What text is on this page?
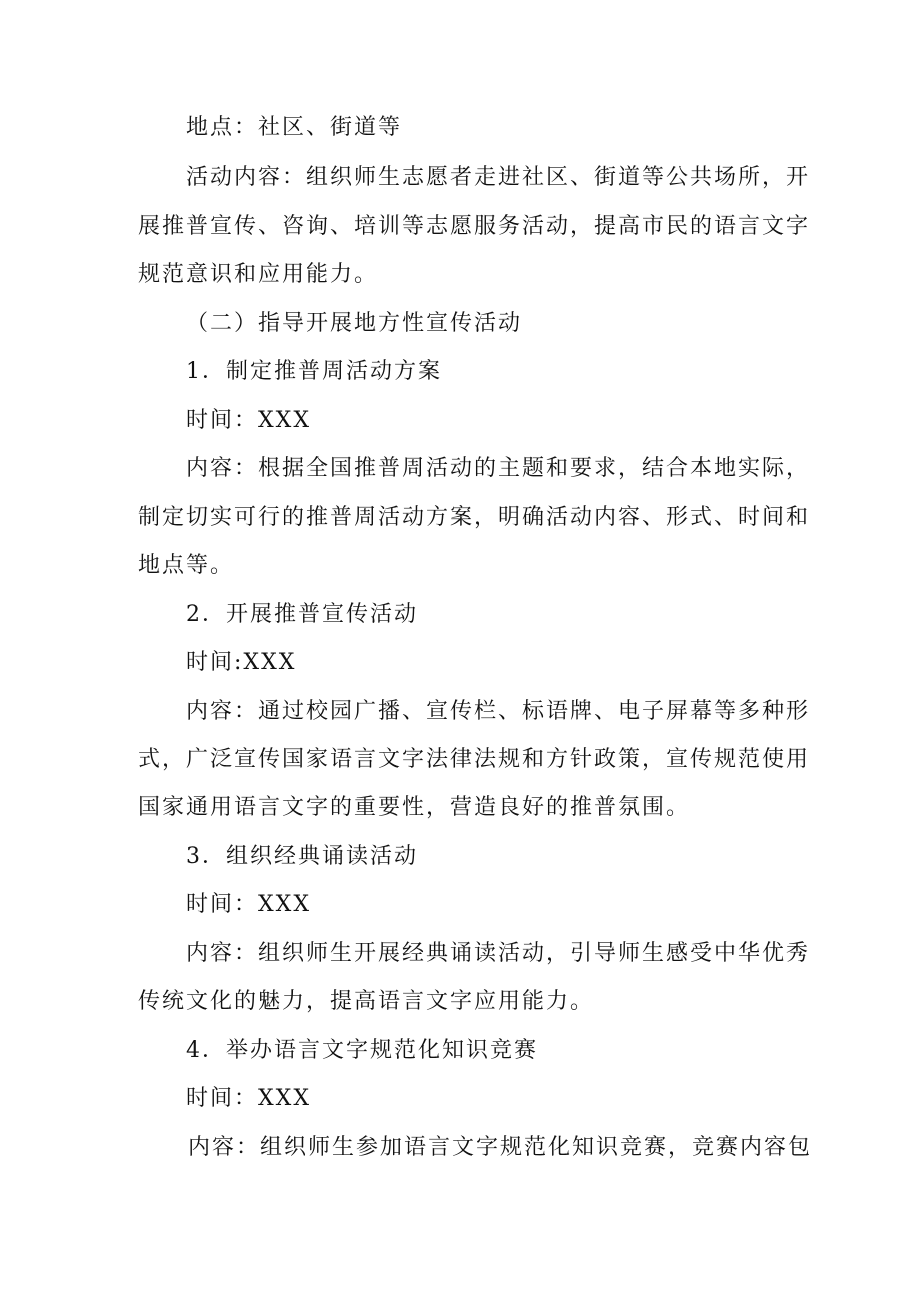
地点：社区、街道等
活动内容：组织师生志愿者走进社区、街道等公共场所，开
展推普宣传、咨询、培训等志愿服务活动，提高市民的语言文字
规范意识和应用能力。
（二）指导开展地方性宣传活动
1．制定推普周活动方案
时间：XXX
内容：根据全国推普周活动的主题和要求，结合本地实际，
制定切实可行的推普周活动方案，明确活动内容、形式、时间和
地点等。
2．开展推普宣传活动
时间:XXX
内容：通过校园广播、宣传栏、标语牌、电子屏幕等多种形
式，广泛宣传国家语言文字法律法规和方针政策，宣传规范使用
国家通用语言文字的重要性，营造良好的推普氛围。
3．组织经典诵读活动
时间：XXX
内容：组织师生开展经典诵读活动，引导师生感受中华优秀
传统文化的魅力，提高语言文字应用能力。
4．举办语言文字规范化知识竞赛
时间：XXX
内容：组织师生参加语言文字规范化知识竞赛，竞赛内容包
